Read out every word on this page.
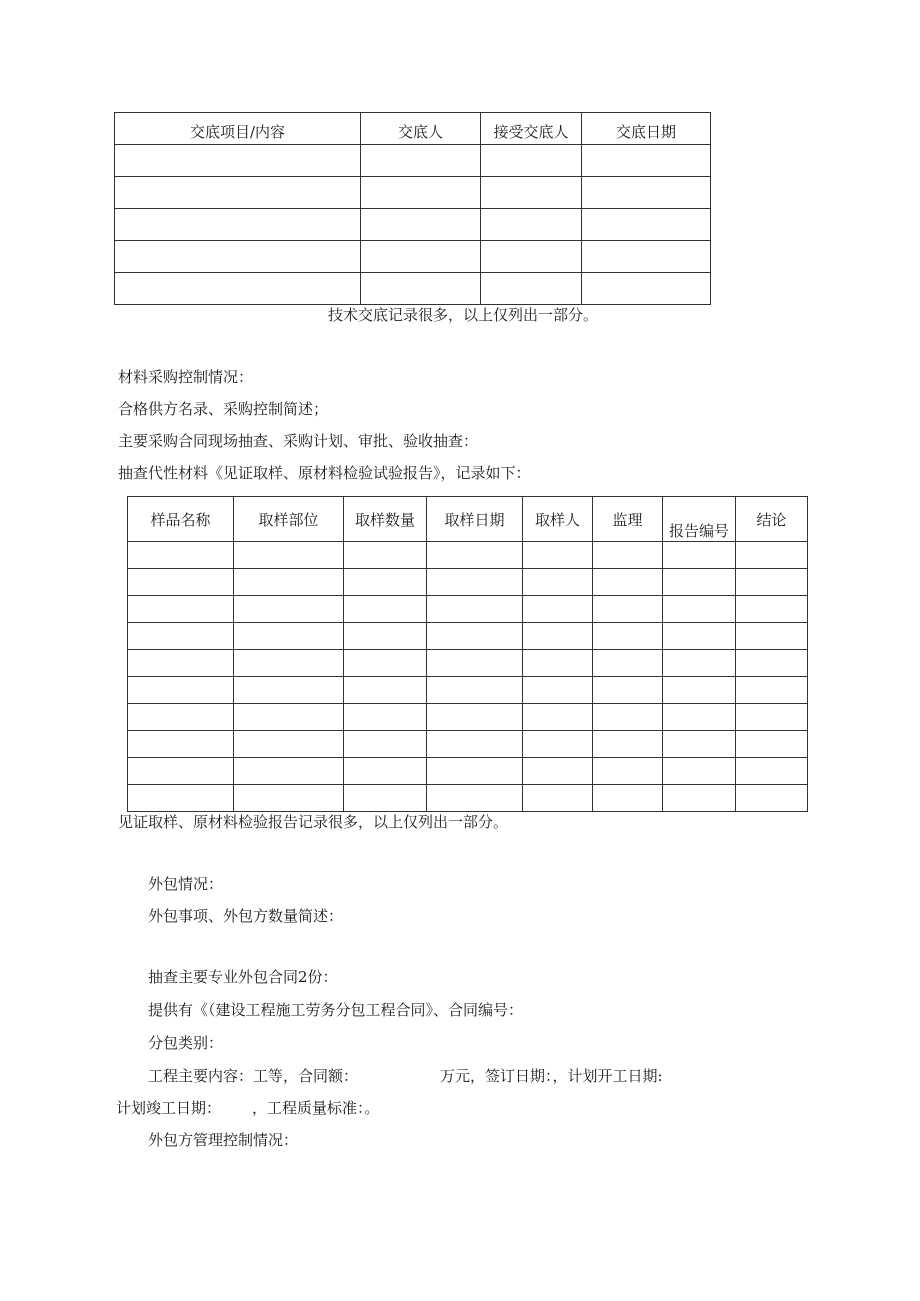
交底项目/内容	交底人	接受交底人	交底日期

技术交底记录很多，以上仅列出一部分。
材料采购控制情况：
合格供方名录、采购控制简述；
主要采购合同现场抽查、采购计划、审批、验收抽查：
抽查代性材料《见证取样、原材料检验试验报告》，记录如下：
样品名称	取样部位	取样数量	取样日期	取样人	监理	报告编号	结论

见证取样、原材料检验报告记录很多，以上仅列出一部分。
外包情况：
外包事项、外包方数量简述：
抽查主要专业外包合同2份：
提供有《（建设工程施工劳务分包工程合同》、合同编号：
分包类别：
工程主要内容：工等，合同额：	万元，签订日期：，计划开工日期:
计划竣工日期： ，工程质量标准：。
外包方管理控制情况：
